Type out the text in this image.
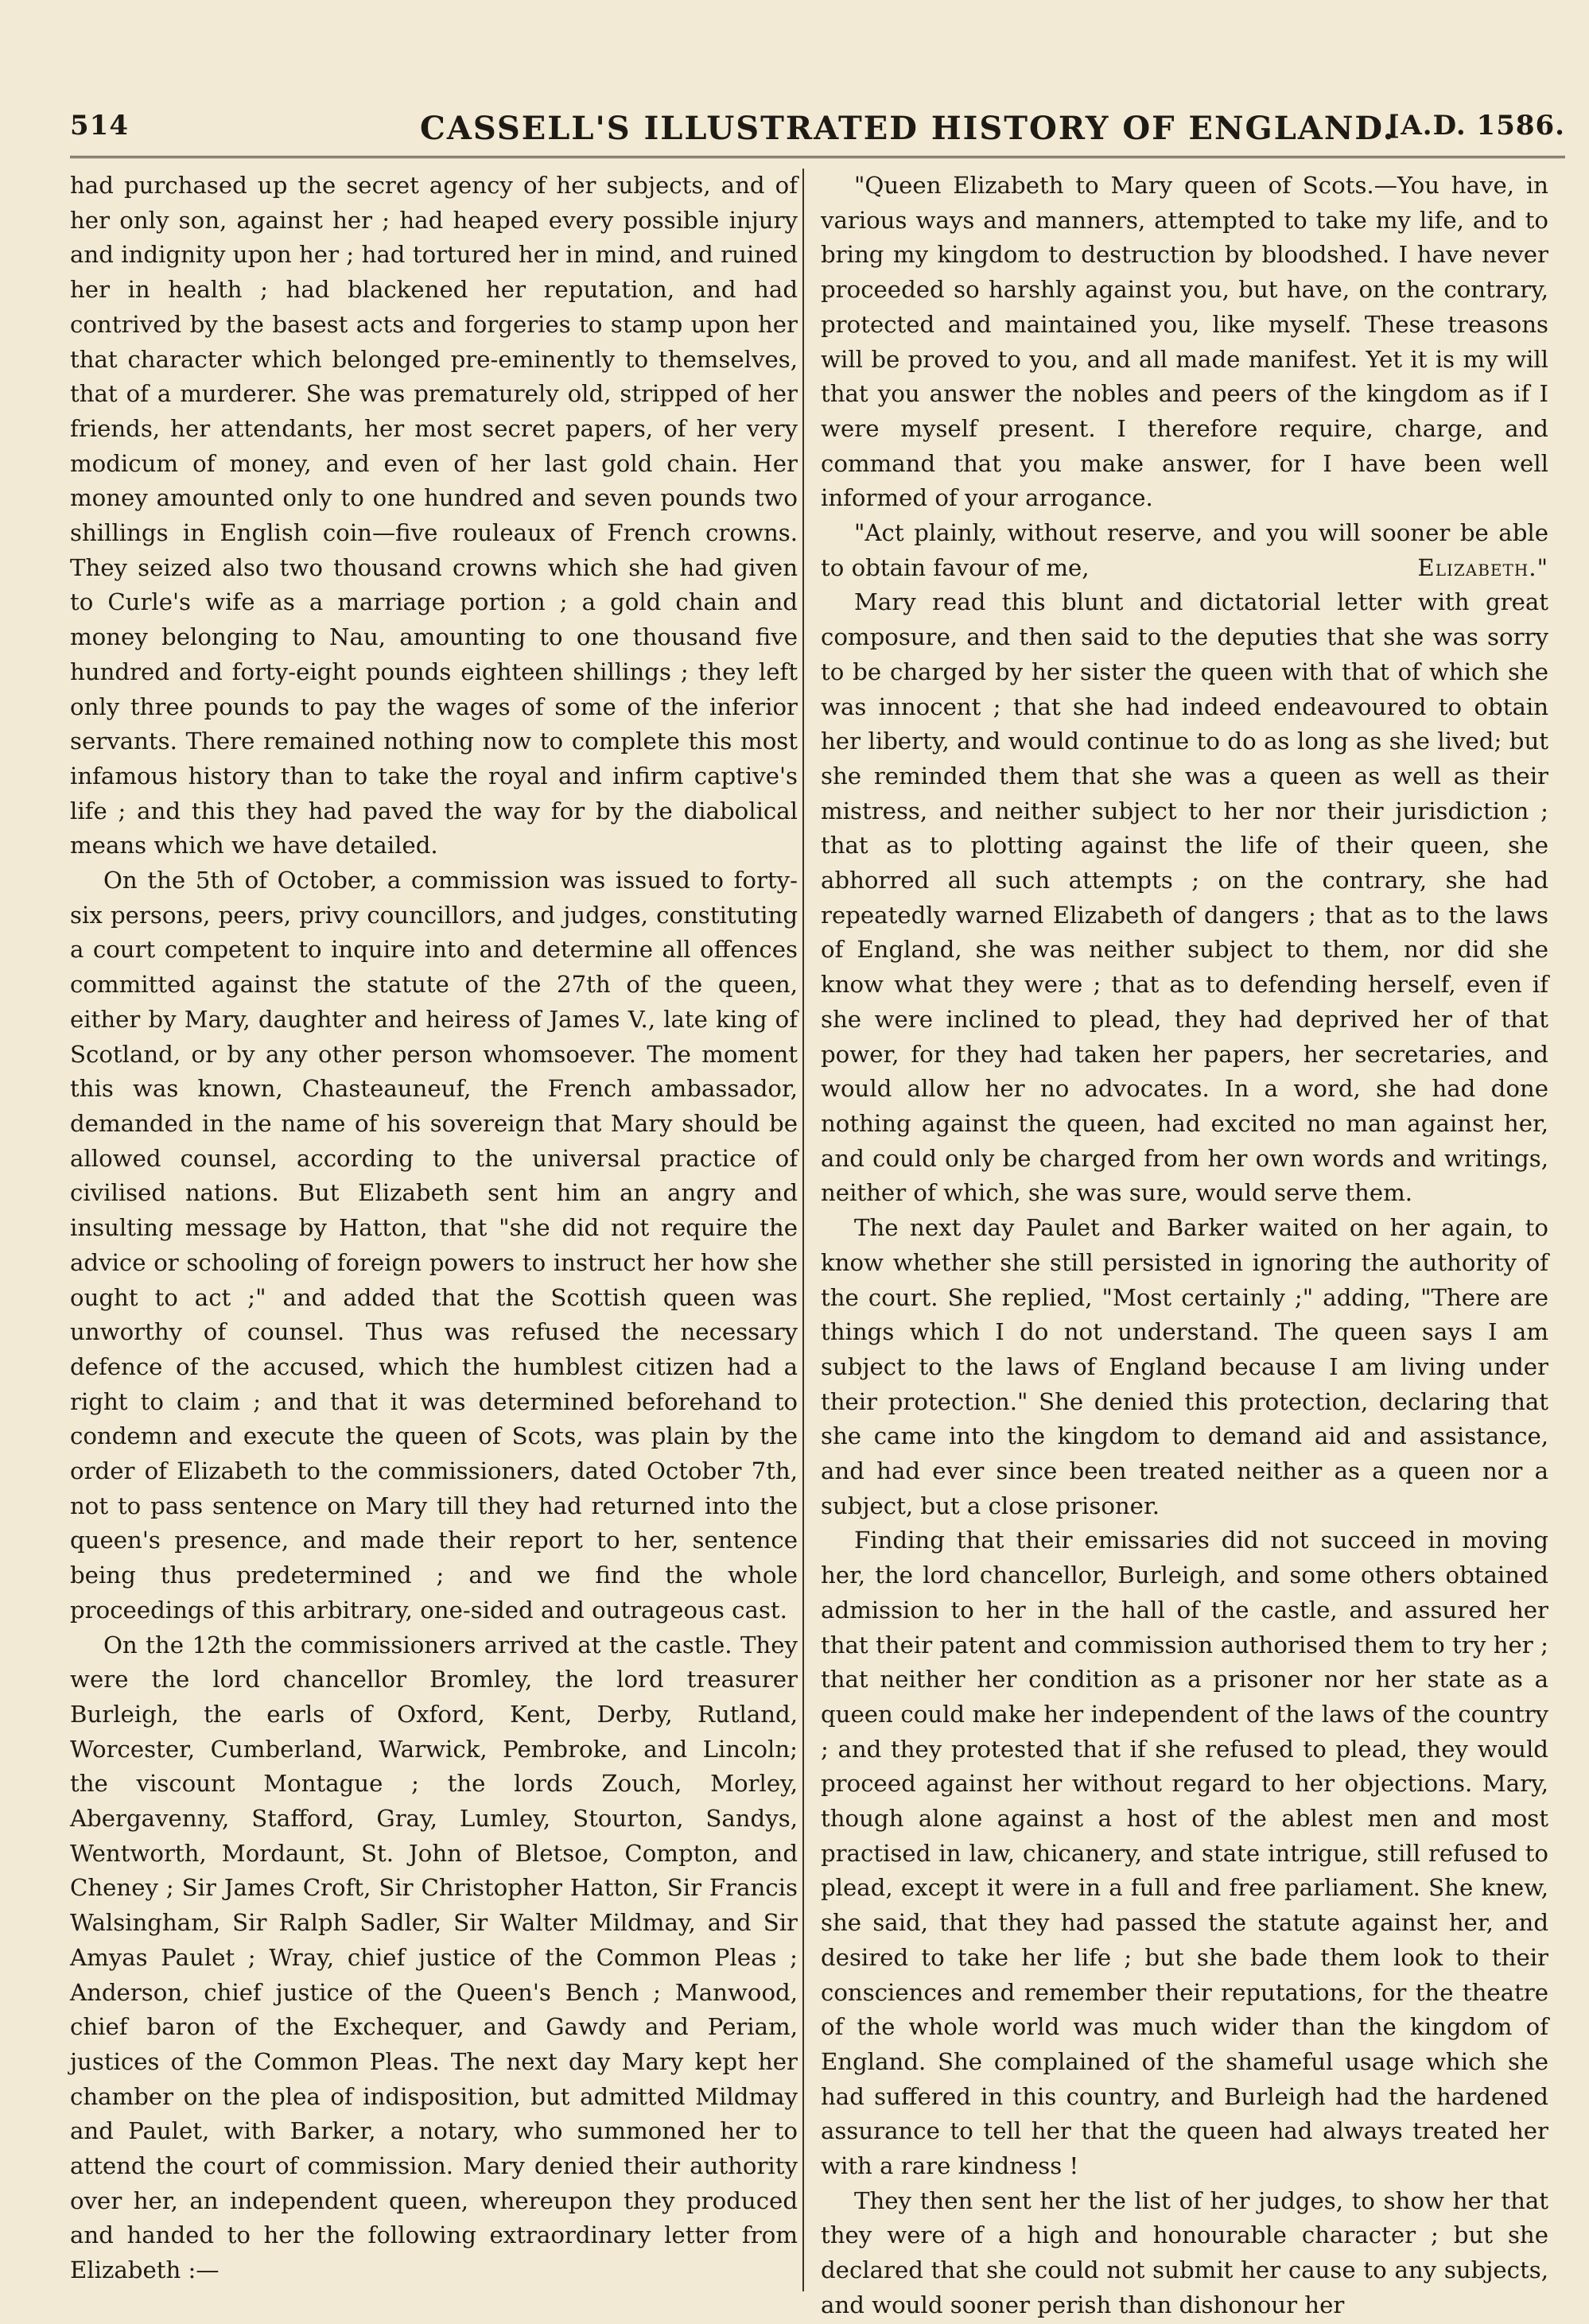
514	CASSELL'S ILLUSTRATED HISTORY OF ENGLAND.
[A.D. 1586.

had purchased up the secret agency of her subjects, and of her only son, against her ; had heaped every possible injury and indignity upon her ; had tortured her in mind, and ruined her in health ; had blackened her reputation, and had contrived by the basest acts and forgeries to stamp upon her that character which belonged pre-eminently to themselves, that of a murderer. She was prematurely old, stripped of her friends, her attendants, her most secret papers, of her very modicum of money, and even of her last gold chain. Her money amounted only to one hundred and seven pounds two shillings in English coin—five rouleaux of French crowns. They seized also two thousand crowns which she had given to Curle's wife as a marriage portion ; a gold chain and money belonging to Nau, amounting to one thousand five hundred and forty-eight pounds eighteen shillings ; they left only three pounds to pay the wages of some of the inferior servants. There remained nothing now to complete this most infamous history than to take the royal and infirm captive's life ; and this they had paved the way for by the diabolical means which we have detailed.

On the 5th of October, a commission was issued to forty-six persons, peers, privy councillors, and judges, constituting a court competent to inquire into and determine all offences committed against the statute of the 27th of the queen, either by Mary, daughter and heiress of James V., late king of Scotland, or by any other person whomsoever. The moment this was known, Chasteauneuf, the French ambassador, demanded in the name of his sovereign that Mary should be allowed counsel, according to the universal practice of civilised nations. But Elizabeth sent him an angry and insulting message by Hatton, that "she did not require the advice or schooling of foreign powers to instruct her how she ought to act ;" and added that the Scottish queen was unworthy of counsel. Thus was refused the necessary defence of the accused, which the humblest citizen had a right to claim ; and that it was determined beforehand to condemn and execute the queen of Scots, was plain by the order of Elizabeth to the commissioners, dated October 7th, not to pass sentence on Mary till they had returned into the queen's presence, and made their report to her, sentence being thus predetermined ; and we find the whole proceedings of this arbitrary, one-sided and outrageous cast.

On the 12th the commissioners arrived at the castle. They were the lord chancellor Bromley, the lord treasurer Burleigh, the earls of Oxford, Kent, Derby, Rutland, Worcester, Cumberland, Warwick, Pembroke, and Lincoln; the viscount Montague ; the lords Zouch, Morley, Abergavenny, Stafford, Gray, Lumley, Stourton, Sandys, Wentworth, Mordaunt, St. John of Bletsoe, Compton, and Cheney ; Sir James Croft, Sir Christopher Hatton, Sir Francis Walsingham, Sir Ralph Sadler, Sir Walter Mildmay, and Sir Amyas Paulet ; Wray, chief justice of the Common Pleas ; Anderson, chief justice of the Queen's Bench ; Manwood, chief baron of the Exchequer, and Gawdy and Periam, justices of the Common Pleas. The next day Mary kept her chamber on the plea of indisposition, but admitted Mildmay and Paulet, with Barker, a notary, who summoned her to attend the court of commission. Mary denied their authority over her, an independent queen, whereupon they produced and handed to her the following extraordinary letter from Elizabeth :—

"Queen Elizabeth to Mary queen of Scots.—You have, in various ways and manners, attempted to take my life, and to bring my kingdom to destruction by bloodshed. I have never proceeded so harshly against you, but have, on the contrary, protected and maintained you, like myself. These treasons will be proved to you, and all made manifest. Yet it is my will that you answer the nobles and peers of the kingdom as if I were myself present. I therefore require, charge, and command that you make answer, for I have been well informed of your arrogance.

"Act plainly, without reserve, and you will sooner be able to obtain favour of me,	Elizabeth."

Mary read this blunt and dictatorial letter with great composure, and then said to the deputies that she was sorry to be charged by her sister the queen with that of which she was innocent ; that she had indeed endeavoured to obtain her liberty, and would continue to do as long as she lived; but she reminded them that she was a queen as well as their mistress, and neither subject to her nor their jurisdiction ; that as to plotting against the life of their queen, she abhorred all such attempts ; on the contrary, she had repeatedly warned Elizabeth of dangers ; that as to the laws of England, she was neither subject to them, nor did she know what they were ; that as to defending herself, even if she were inclined to plead, they had deprived her of that power, for they had taken her papers, her secretaries, and would allow her no advocates. In a word, she had done nothing against the queen, had excited no man against her, and could only be charged from her own words and writings, neither of which, she was sure, would serve them.

The next day Paulet and Barker waited on her again, to know whether she still persisted in ignoring the authority of the court. She replied, "Most certainly ;" adding, "There are things which I do not understand. The queen says I am subject to the laws of England because I am living under their protection." She denied this protection, declaring that she came into the kingdom to demand aid and assistance, and had ever since been treated neither as a queen nor a subject, but a close prisoner.

Finding that their emissaries did not succeed in moving her, the lord chancellor, Burleigh, and some others obtained admission to her in the hall of the castle, and assured her that their patent and commission authorised them to try her ; that neither her condition as a prisoner nor her state as a queen could make her independent of the laws of the country ; and they protested that if she refused to plead, they would proceed against her without regard to her objections. Mary, though alone against a host of the ablest men and most practised in law, chicanery, and state intrigue, still refused to plead, except it were in a full and free parliament. She knew, she said, that they had passed the statute against her, and desired to take her life ; but she bade them look to their consciences and remember their reputations, for the theatre of the whole world was much wider than the kingdom of England. She complained of the shameful usage which she had suffered in this country, and Burleigh had the hardened assurance to tell her that the queen had always treated her with a rare kindness !

They then sent her the list of her judges, to show her that they were of a high and honourable character ; but she declared that she could not submit her cause to any subjects, and would sooner perish than dishonour her
